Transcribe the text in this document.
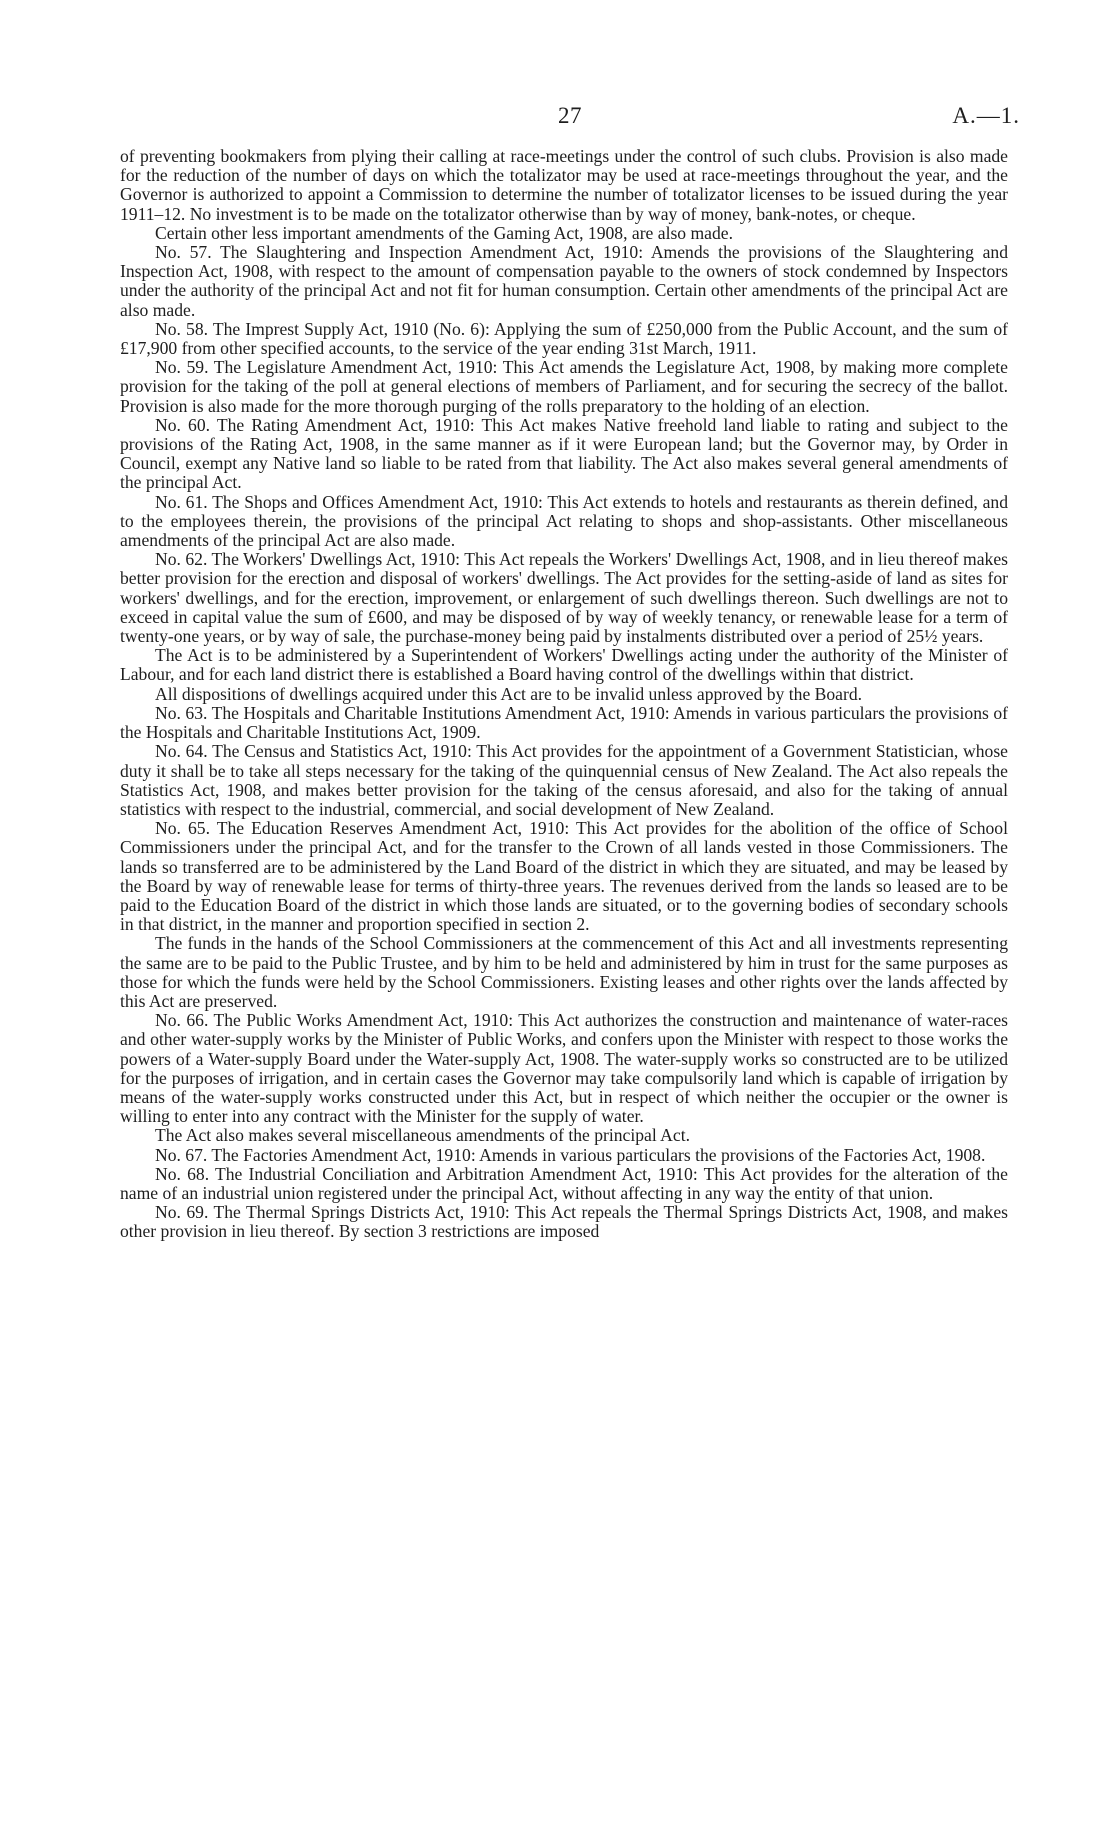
27	A.—1.

of preventing bookmakers from plying their calling at race-meetings under the control of such clubs. Provision is also made for the reduction of the number of days on which the totalizator may be used at race-meetings throughout the year, and the Governor is authorized to appoint a Commission to determine the number of totalizator licenses to be issued during the year 1911–12. No investment is to be made on the totalizator otherwise than by way of money, bank-notes, or cheque.

Certain other less important amendments of the Gaming Act, 1908, are also made.

No. 57. The Slaughtering and Inspection Amendment Act, 1910: Amends the provisions of the Slaughtering and Inspection Act, 1908, with respect to the amount of compensation payable to the owners of stock condemned by Inspectors under the authority of the principal Act and not fit for human consumption. Certain other amendments of the principal Act are also made.

No. 58. The Imprest Supply Act, 1910 (No. 6): Applying the sum of £250,000 from the Public Account, and the sum of £17,900 from other specified accounts, to the service of the year ending 31st March, 1911.

No. 59. The Legislature Amendment Act, 1910: This Act amends the Legislature Act, 1908, by making more complete provision for the taking of the poll at general elections of members of Parliament, and for securing the secrecy of the ballot. Provision is also made for the more thorough purging of the rolls preparatory to the holding of an election.

No. 60. The Rating Amendment Act, 1910: This Act makes Native freehold land liable to rating and subject to the provisions of the Rating Act, 1908, in the same manner as if it were European land; but the Governor may, by Order in Council, exempt any Native land so liable to be rated from that liability. The Act also makes several general amendments of the principal Act.

No. 61. The Shops and Offices Amendment Act, 1910: This Act extends to hotels and restaurants as therein defined, and to the employees therein, the provisions of the principal Act relating to shops and shop-assistants. Other miscellaneous amendments of the principal Act are also made.

No. 62. The Workers' Dwellings Act, 1910: This Act repeals the Workers' Dwellings Act, 1908, and in lieu thereof makes better provision for the erection and disposal of workers' dwellings. The Act provides for the setting-aside of land as sites for workers' dwellings, and for the erection, improvement, or enlargement of such dwellings thereon. Such dwellings are not to exceed in capital value the sum of £600, and may be disposed of by way of weekly tenancy, or renewable lease for a term of twenty-one years, or by way of sale, the purchase-money being paid by instalments distributed over a period of 25½ years.

The Act is to be administered by a Superintendent of Workers' Dwellings acting under the authority of the Minister of Labour, and for each land district there is established a Board having control of the dwellings within that district.

All dispositions of dwellings acquired under this Act are to be invalid unless approved by the Board.

No. 63. The Hospitals and Charitable Institutions Amendment Act, 1910: Amends in various particulars the provisions of the Hospitals and Charitable Institutions Act, 1909.

No. 64. The Census and Statistics Act, 1910: This Act provides for the appointment of a Government Statistician, whose duty it shall be to take all steps necessary for the taking of the quinquennial census of New Zealand. The Act also repeals the Statistics Act, 1908, and makes better provision for the taking of the census aforesaid, and also for the taking of annual statistics with respect to the industrial, commercial, and social development of New Zealand.

No. 65. The Education Reserves Amendment Act, 1910: This Act provides for the abolition of the office of School Commissioners under the principal Act, and for the transfer to the Crown of all lands vested in those Commissioners. The lands so transferred are to be administered by the Land Board of the district in which they are situated, and may be leased by the Board by way of renewable lease for terms of thirty-three years. The revenues derived from the lands so leased are to be paid to the Education Board of the district in which those lands are situated, or to the governing bodies of secondary schools in that district, in the manner and proportion specified in section 2.

The funds in the hands of the School Commissioners at the commencement of this Act and all investments representing the same are to be paid to the Public Trustee, and by him to be held and administered by him in trust for the same purposes as those for which the funds were held by the School Commissioners. Existing leases and other rights over the lands affected by this Act are preserved.

No. 66. The Public Works Amendment Act, 1910: This Act authorizes the construction and maintenance of water-races and other water-supply works by the Minister of Public Works, and confers upon the Minister with respect to those works the powers of a Water-supply Board under the Water-supply Act, 1908. The water-supply works so constructed are to be utilized for the purposes of irrigation, and in certain cases the Governor may take compulsorily land which is capable of irrigation by means of the water-supply works constructed under this Act, but in respect of which neither the occupier or the owner is willing to enter into any contract with the Minister for the supply of water.

The Act also makes several miscellaneous amendments of the principal Act.

No. 67. The Factories Amendment Act, 1910: Amends in various particulars the provisions of the Factories Act, 1908.

No. 68. The Industrial Conciliation and Arbitration Amendment Act, 1910: This Act provides for the alteration of the name of an industrial union registered under the principal Act, without affecting in any way the entity of that union.

No. 69. The Thermal Springs Districts Act, 1910: This Act repeals the Thermal Springs Districts Act, 1908, and makes other provision in lieu thereof. By section 3 restrictions are imposed
